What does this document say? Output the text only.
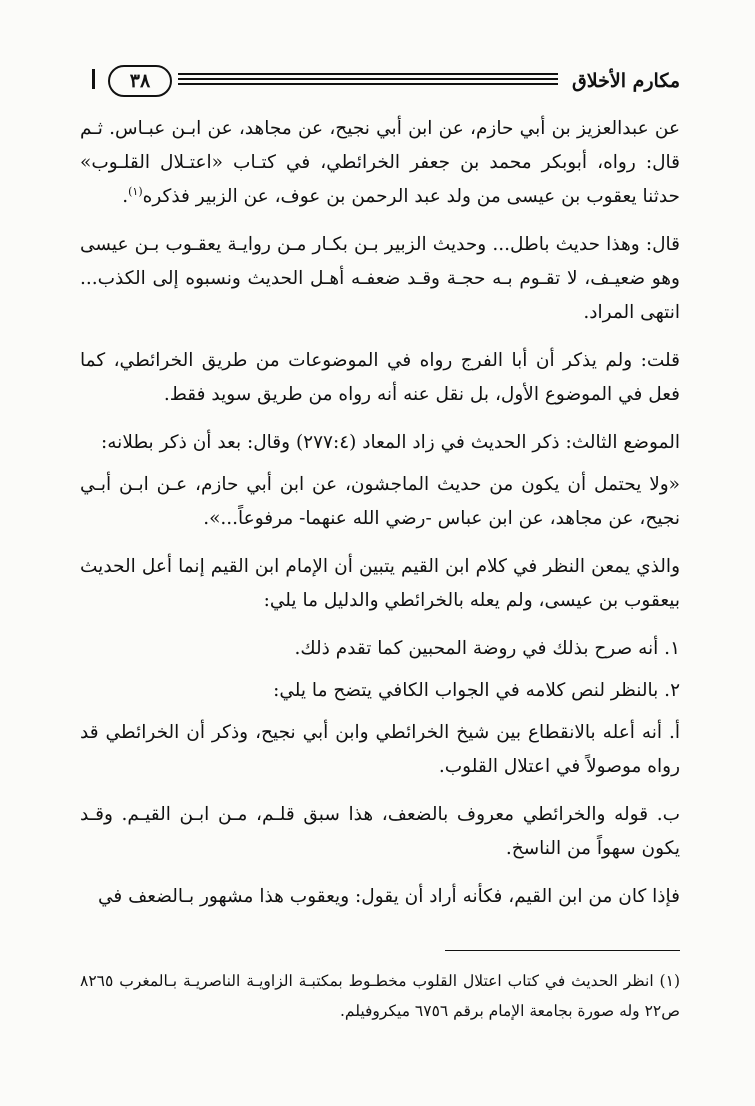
٣٨	مكارم الأخلاق

عن عبدالعزيز بن أبي حازم، عن ابن أبي نجيح، عن مجاهد، عن ابـن عبـاس. ثـم قال: رواه، أبوبكر محمد بن جعفر الخرائطي، في كتـاب «اعتـلال القلـوب» حدثنا يعقوب بن عيسى من ولد عبد الرحمن بن عوف، عن الزبير فذكره$^{(١)}$.

قال: وهذا حديث باطل... وحديث الزبير بـن بكـار مـن روايـة يعقـوب بـن عيسى وهو ضعيـف، لا تقـوم بـه حجـة وقـد ضعفـه أهـل الحديث ونسبوه إلى الكذب... انتهى المراد.

قلت: ولم يذكر أن أبا الفرج رواه في الموضوعات من طريق الخرائطي، كما فعل في الموضوع الأول، بل نقل عنه أنه رواه من طريق سويد فقط.

الموضع الثالث: ذكر الحديث في زاد المعاد (٢٧٧:٤) وقال: بعد أن ذكر بطلانه:

«ولا يحتمل أن يكون من حديث الماجشون، عن ابن أبي حازم، عـن ابـن أبـي نجيح، عن مجاهد، عن ابن عباس -رضي الله عنهما- مرفوعاً...».

والذي يمعن النظر في كلام ابن القيم يتبين أن الإمام ابن القيم إنما أعل الحديث بيعقوب بن عيسى، ولم يعله بالخرائطي والدليل ما يلي:

١. أنه صرح بذلك في روضة المحبين كما تقدم ذلك.

٢. بالنظر لنص كلامه في الجواب الكافي يتضح ما يلي:

أ. أنه أعله بالانقطاع بين شيخ الخرائطي وابن أبي نجيح، وذكر أن الخرائطي قد رواه موصولاً في اعتلال القلوب.

ب. قوله والخرائطي معروف بالضعف، هذا سبق قلـم، مـن ابـن القيـم. وقـد يكون سهواً من الناسخ.

فإذا كان من ابن القيم، فكأنه أراد أن يقول: ويعقوب هذا مشهور بـالضعف في

(١) انظر الحديث في كتاب اعتلال القلوب مخطـوط بمكتبـة الزاويـة الناصريـة بـالمغرب ٨٢٦٥ ص٢٢ وله صورة بجامعة الإمام برقم ٦٧٥٦ ميكروفيلم.
